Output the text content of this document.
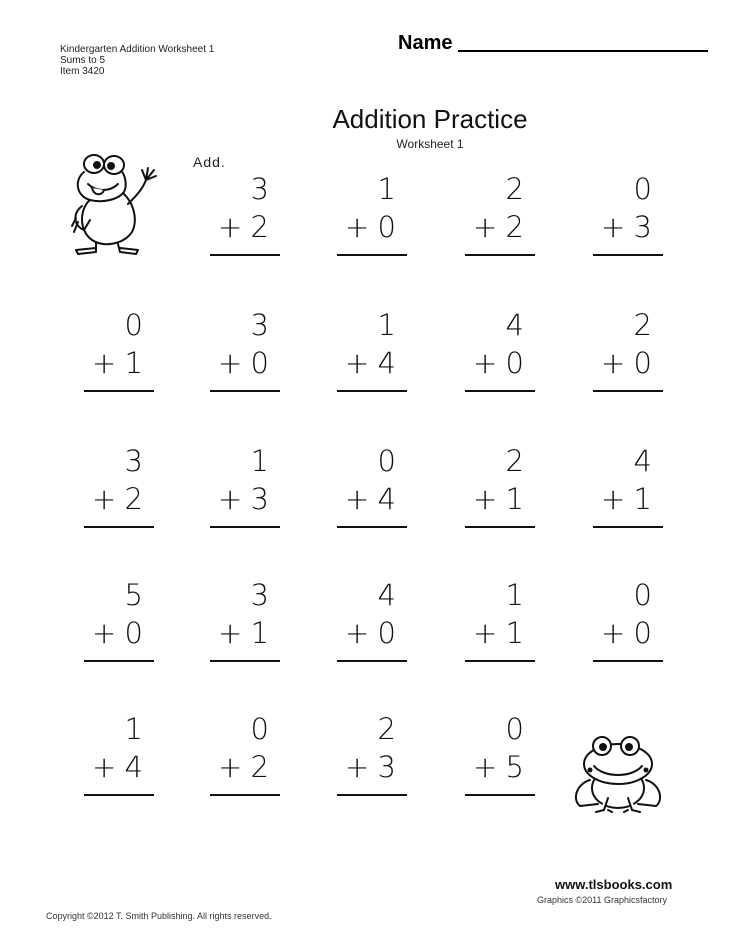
Kindergarten Addition Worksheet 1
Sums to 5
Item 3420
Name
Addition Practice
Worksheet 1
Add.
3
+ 2
1
+ 0
2
+ 2
0
+ 3
0
+ 1
3
+ 0
1
+ 4
4
+ 0
2
+ 0
3
+ 2
1
+ 3
0
+ 4
2
+ 1
4
+ 1
5
+ 0
3
+ 1
4
+ 0
1
+ 1
0
+ 0
1
+ 4
0
+ 2
2
+ 3
0
+ 5
www.tlsbooks.com
Graphics ©2011 Graphicsfactory
Copyright ©2012 T. Smith Publishing. All rights reserved.
